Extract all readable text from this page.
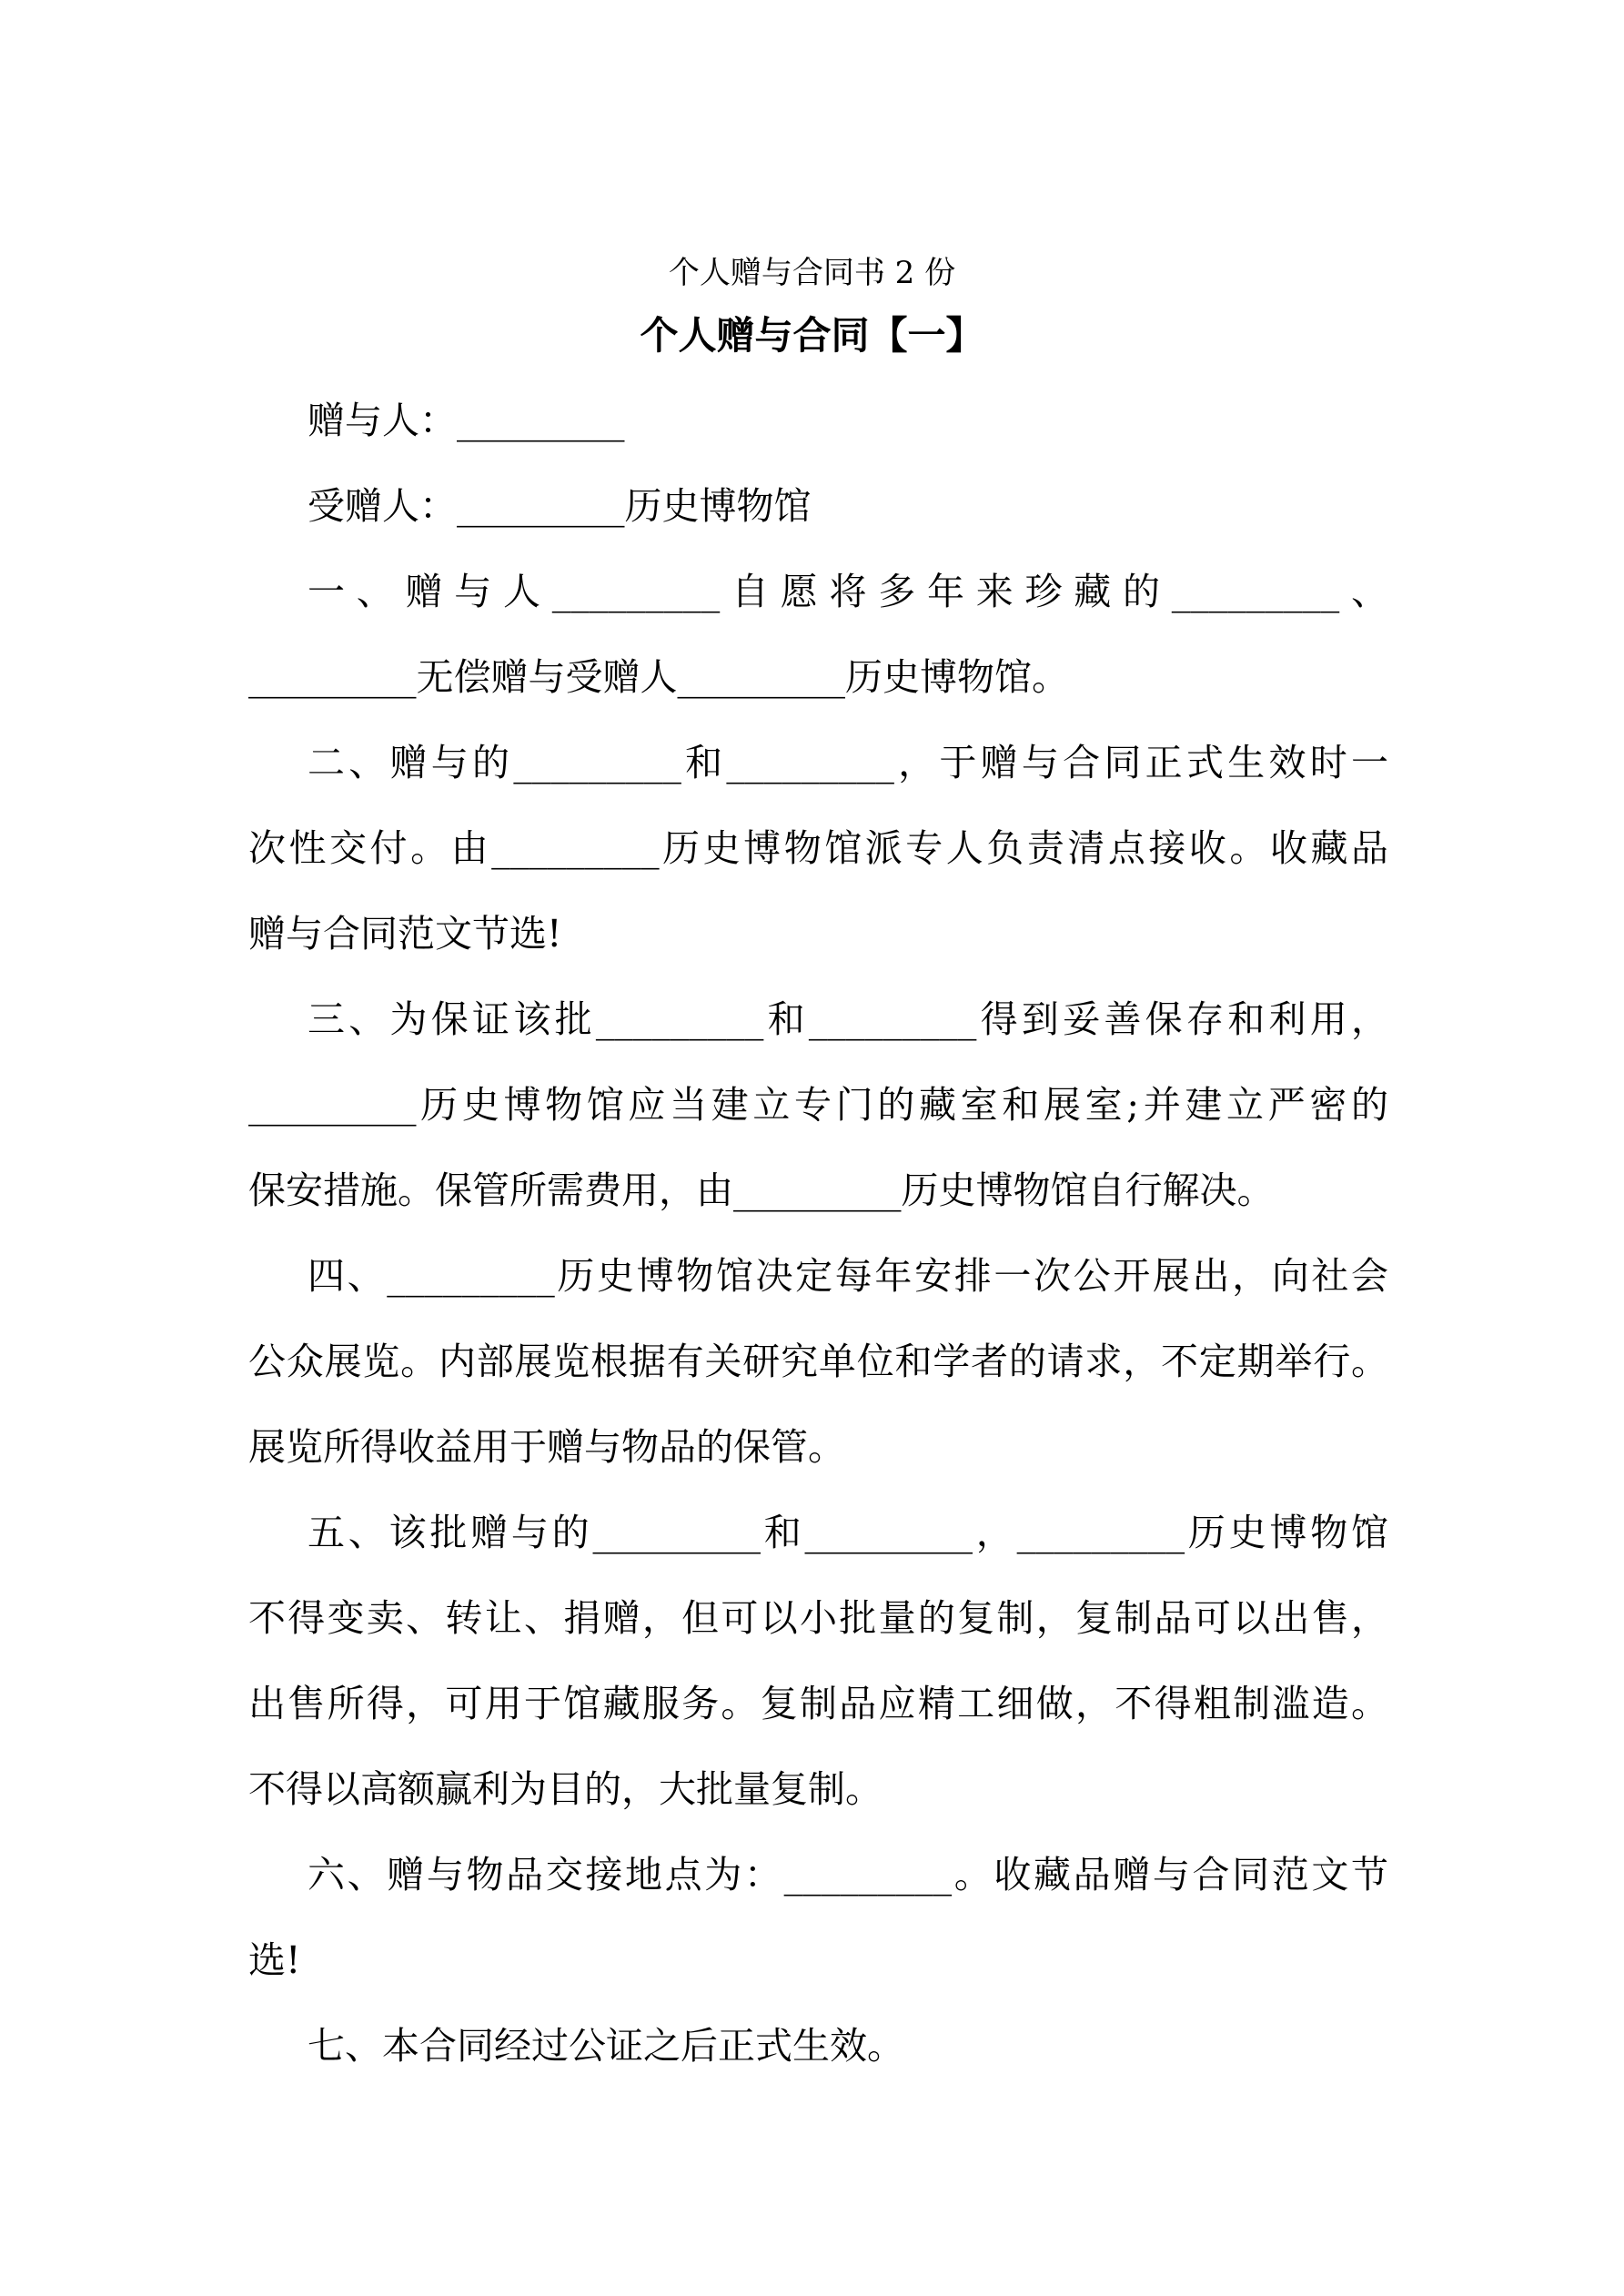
个人赠与合同书 2 份
个人赠与合同【一】
赠与人：_________
受赠人：_________历史博物馆
一、赠与人_________自愿将多年来珍藏的_________、
_________无偿赠与受赠人_________历史博物馆。
二、赠与的_________和_________，于赠与合同正式生效时一
次性交付。由_________历史博物馆派专人负责清点接收。收藏品
赠与合同范文节选!
三、为保证该批_________和_________得到妥善保存和利用，
_________历史博物馆应当建立专门的藏室和展室;并建立严密的
保安措施。保管所需费用，由_________历史博物馆自行解决。
四、_________历史博物馆决定每年安排一次公开展出，向社会
公众展览。内部展览根据有关研究单位和学者的请求，不定期举行。
展览所得收益用于赠与物品的保管。
五、该批赠与的_________和_________，_________历史博物馆
不得变卖、转让、捐赠，但可以小批量的复制，复制品可以出售，
出售所得，可用于馆藏服务。复制品应精工细做，不得粗制滥造。
不得以高额赢利为目的，大批量复制。
六、赠与物品交接地点为：_________。收藏品赠与合同范文节
选!
七、本合同经过公证之后正式生效。
